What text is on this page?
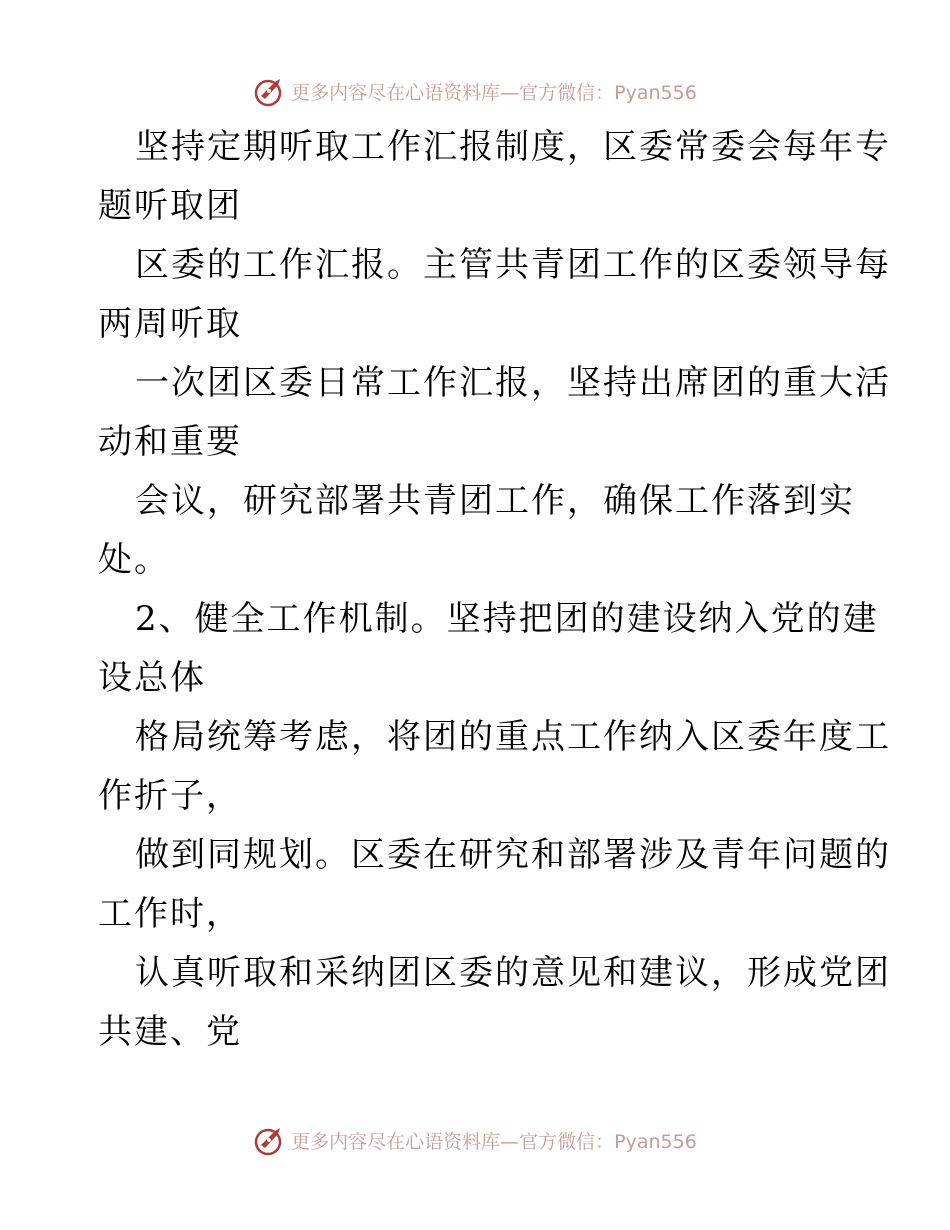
更多内容尽在心语资料库—官方微信：Pyan556
坚持定期听取工作汇报制度，区委常委会每年专
题听取团
区委的工作汇报。主管共青团工作的区委领导每
两周听取
一次团区委日常工作汇报，坚持出席团的重大活
动和重要
会议，研究部署共青团工作，确保工作落到实
处。
2、健全工作机制。坚持把团的建设纳入党的建
设总体
格局统筹考虑，将团的重点工作纳入区委年度工
作折子，
做到同规划。区委在研究和部署涉及青年问题的
工作时，
认真听取和采纳团区委的意见和建议，形成党团
共建、党
更多内容尽在心语资料库—官方微信：Pyan556
